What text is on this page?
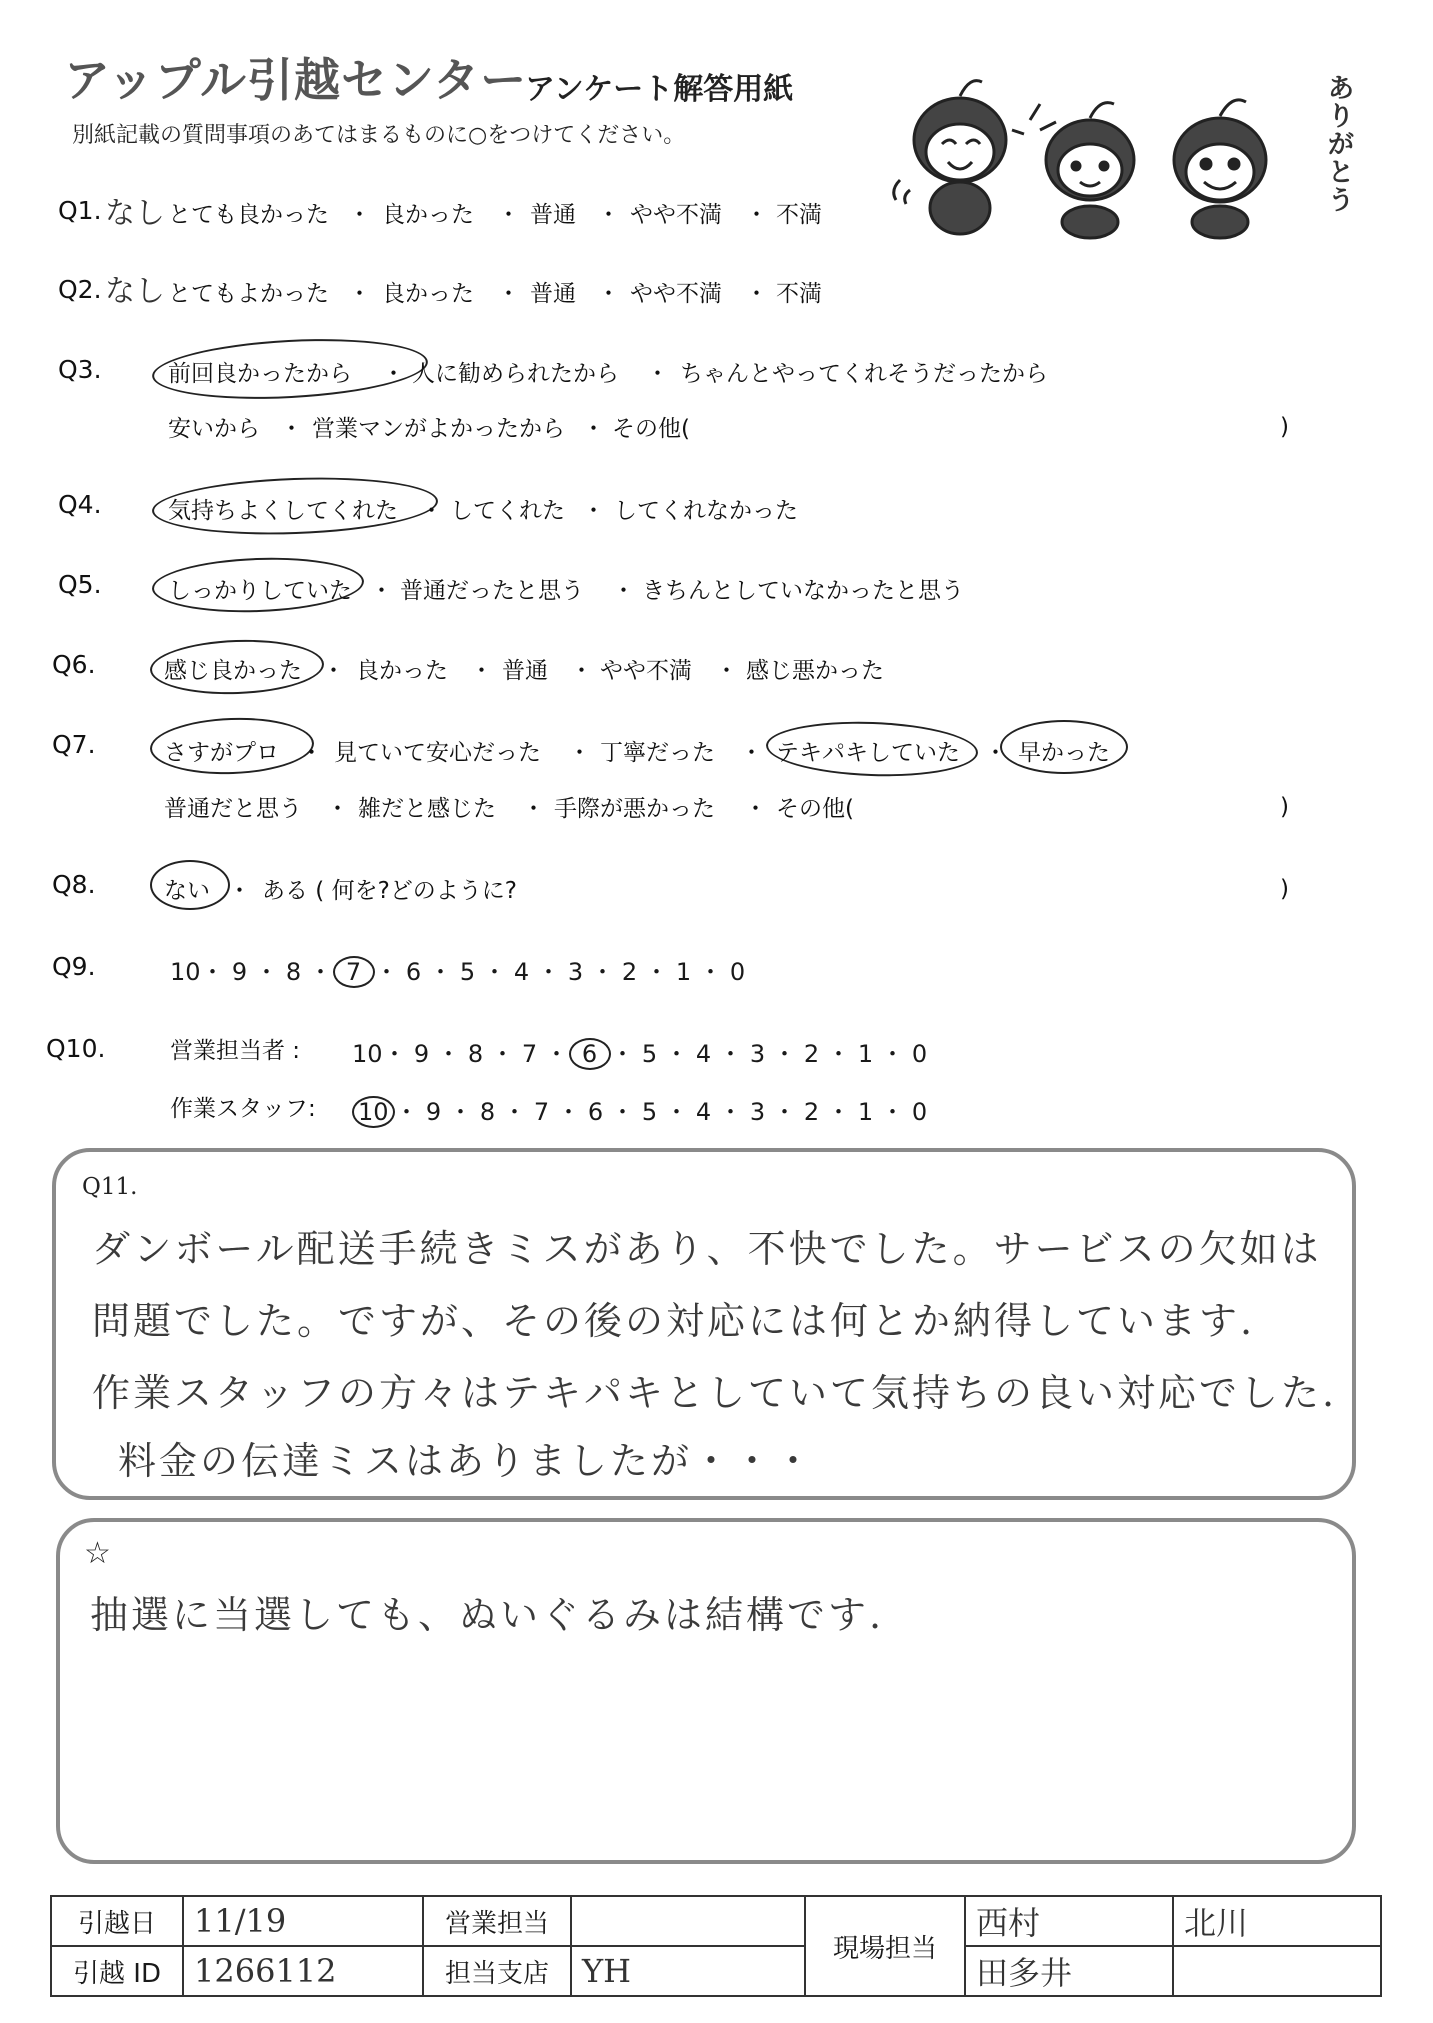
アップル引越センター
アンケート解答用紙
別紙記載の質問事項のあてはまるものに○をつけてください。
ありがとう
Q1. なし とても良かった ・ 良かった ・ 普通 ・ やや不満 ・ 不満
Q2. なし とてもよかった ・ 良かった ・ 普通 ・ やや不満 ・ 不満
Q3.	前回良かったから ・ 人に勧められたから ・ ちゃんとやってくれそうだったから
安いから ・ 営業マンがよかったから ・ その他(	)
Q4.	気持ちよくしてくれた ・ してくれた ・ してくれなかった
Q5.	しっかりしていた ・ 普通だったと思う ・ きちんとしていなかったと思う
Q6.	感じ良かった ・ 良かった ・ 普通 ・ やや不満 ・ 感じ悪かった
Q7.	さすがプロ ・ 見ていて安心だった ・ 丁寧だった ・ テキパキしていた ・ 早かった
普通だと思う ・ 雑だと感じた ・ 手際が悪かった ・ その他(	)
Q8.	ない ・ ある ( 何を?どのように?	)
Q9.	10・ 9 ・ 8 ・ 7 ・ 6 ・ 5 ・ 4 ・ 3 ・ 2 ・ 1 ・ 0
Q10.	営業担当者 : 10・ 9 ・ 8 ・ 7 ・ 6 ・ 5 ・ 4 ・ 3 ・ 2 ・ 1 ・ 0
作業スタッフ: 10 ・ 9 ・ 8 ・ 7 ・ 6 ・ 5 ・ 4 ・ 3 ・ 2 ・ 1 ・ 0
Q11.
ダンボール配送手続きミスがあり、不快でした。サービスの欠如は
問題でした。ですが、その後の対応には何とか納得しています.
作業スタッフの方々はテキパキとしていて気持ちの良い対応でした.
料金の伝達ミスはありましたが・・・
☆
抽選に当選しても、ぬいぐるみは結構です.
引越日	11/19	営業担当		現場担当	西村	北川
引越 ID	1266112	担当支店	YH		田多井	
